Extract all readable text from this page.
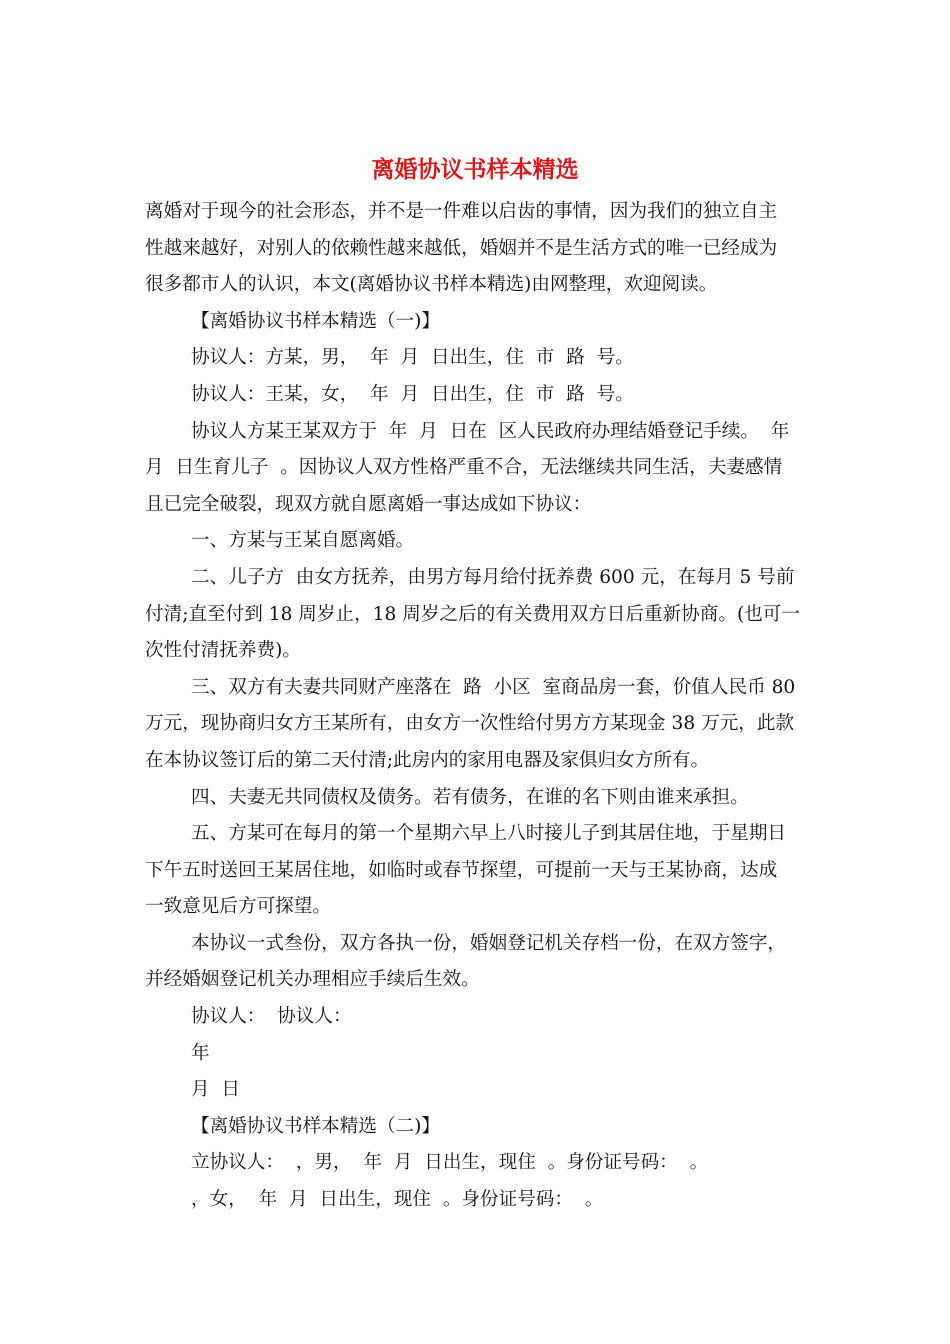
离婚协议书样本精选
离婚对于现今的社会形态，并不是一件难以启齿的事情，因为我们的独立自主
性越来越好，对别人的依赖性越来越低，婚姻并不是生活方式的唯一已经成为
很多都市人的认识，本文(离婚协议书样本精选)由网整理，欢迎阅读。
【离婚协议书样本精选（一)】
协议人：方某，男，  年  月  日出生，住  市  路  号。
协议人：王某，女，  年  月  日出生，住  市  路  号。
协议人方某王某双方于  年  月  日在  区人民政府办理结婚登记手续。  年
月  日生育儿子  。因协议人双方性格严重不合，无法继续共同生活，夫妻感情
且已完全破裂，现双方就自愿离婚一事达成如下协议：
一、方某与王某自愿离婚。
二、儿子方  由女方抚养，由男方每月给付抚养费 600 元，在每月 5 号前
付清;直至付到 18 周岁止，18 周岁之后的有关费用双方日后重新协商。(也可一
次性付清抚养费)。
三、双方有夫妻共同财产座落在  路  小区  室商品房一套，价值人民币 80
万元，现协商归女方王某所有，由女方一次性给付男方方某现金 38 万元，此款
在本协议签订后的第二天付清;此房内的家用电器及家俱归女方所有。
四、夫妻无共同债权及债务。若有债务，在谁的名下则由谁来承担。
五、方某可在每月的第一个星期六早上八时接儿子到其居住地，于星期日
下午五时送回王某居住地，如临时或春节探望，可提前一天与王某协商，达成
一致意见后方可探望。
本协议一式叁份，双方各执一份，婚姻登记机关存档一份，在双方签字，
并经婚姻登记机关办理相应手续后生效。
协议人：  协议人：
年
月  日
【离婚协议书样本精选（二)】
立协议人：  ，男，  年  月  日出生，现住  。身份证号码：  。
，女，  年  月  日出生，现住  。身份证号码：  。
